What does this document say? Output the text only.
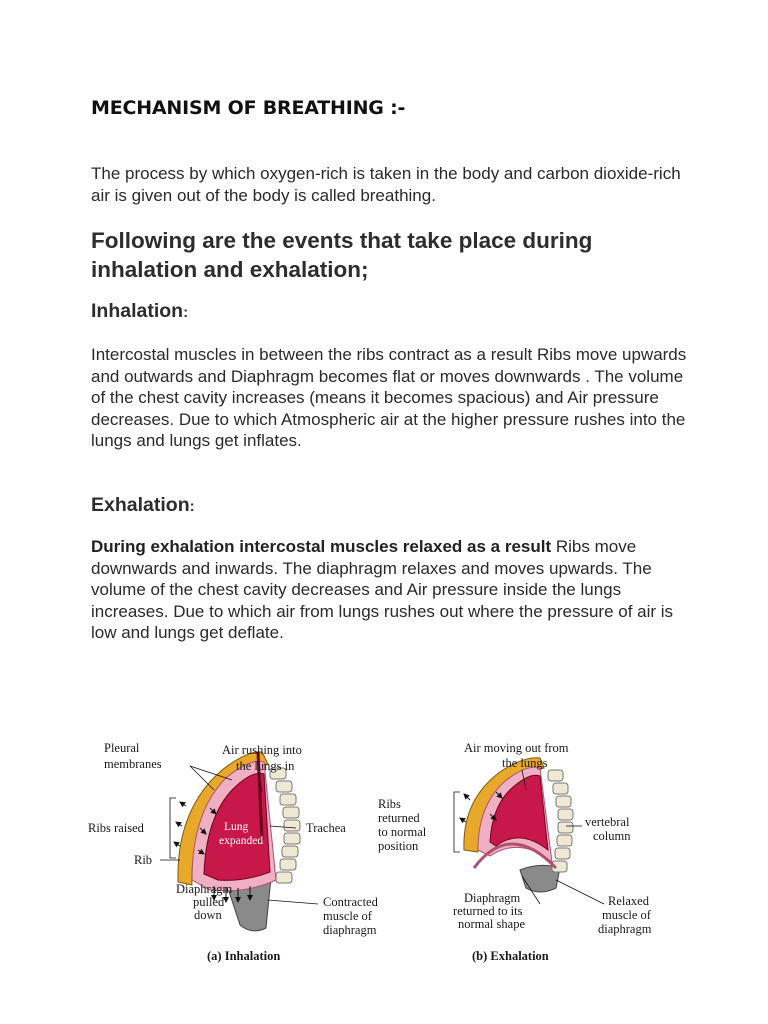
MECHANISM OF BREATHING :-
The process by which oxygen-rich is taken in the body and carbon dioxide-rich air is given out of the body is called breathing.
Following are the events that take place during inhalation and exhalation;
Inhalation:
Intercostal muscles in between the ribs contract as a result Ribs move upwards and outwards and Diaphragm becomes flat or moves downwards . The volume of the chest cavity increases (means it becomes spacious) and Air pressure decreases. Due to which Atmospheric air at the higher pressure rushes into the lungs and lungs get inflates.
Exhalation:
During exhalation intercostal muscles relaxed as a result Ribs move downwards and inwards. The diaphragm relaxes and moves upwards. The volume of the chest cavity decreases and Air pressure inside the lungs increases. Due to which air from lungs rushes out where the pressure of air is low and lungs get deflate.
Pleural
membranes
Air rushing into
the lungs in
Ribs raised	Lung
expanded
Trachea
Rib
Diaphragm
pulled
down
Contracted
muscle of
diaphragm
(a) Inhalation
Air moving out from
the lungs
Ribs
returned
to normal
position
vertebral
column
Diaphragm
returned to its
normal shape
Relaxed
muscle of
diaphragm
(b) Exhalation
